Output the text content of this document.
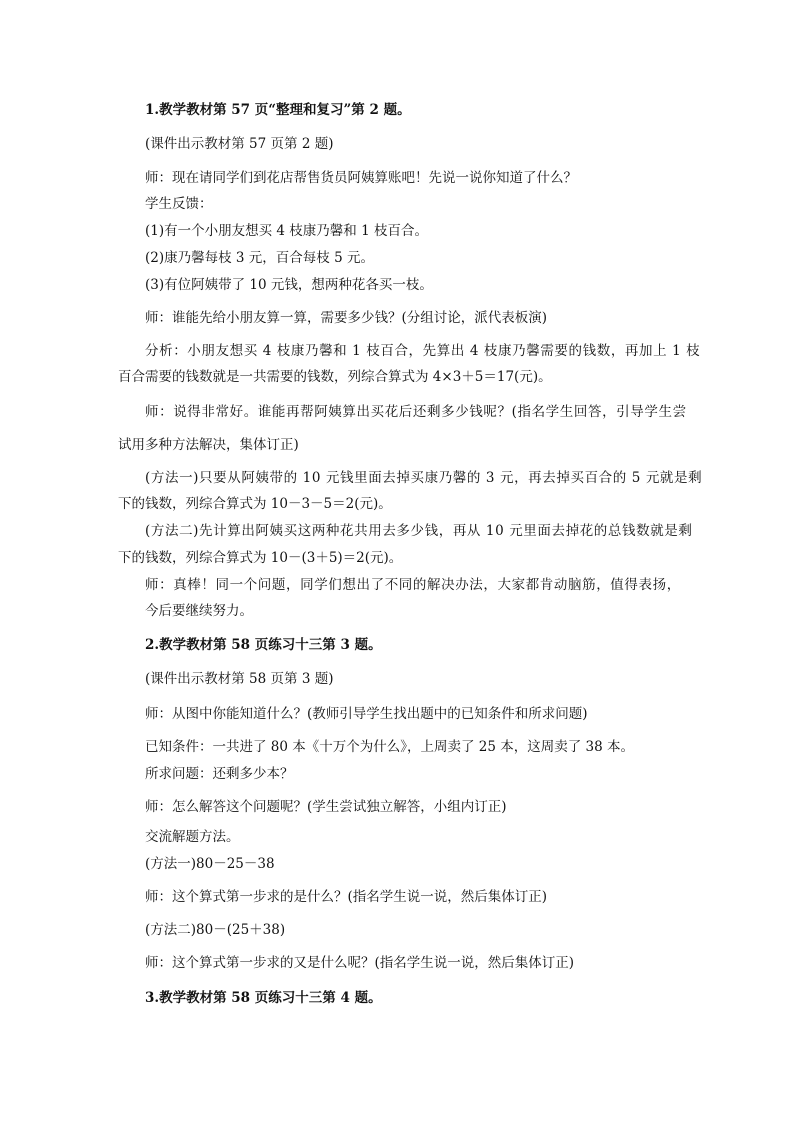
1.教学教材第 57 页“整理和复习”第 2 题。
(课件出示教材第 57 页第 2 题)
师：现在请同学们到花店帮售货员阿姨算账吧！先说一说你知道了什么？
学生反馈：
(1)有一个小朋友想买 4 枝康乃馨和 1 枝百合。
(2)康乃馨每枝 3 元，百合每枝 5 元。
(3)有位阿姨带了 10 元钱，想两种花各买一枝。
师：谁能先给小朋友算一算，需要多少钱？(分组讨论，派代表板演)
分析：小朋友想买 4 枝康乃馨和 1 枝百合，先算出 4 枝康乃馨需要的钱数，再加上 1 枝
百合需要的钱数就是一共需要的钱数，列综合算式为 4×3＋5＝17(元)。
师：说得非常好。谁能再帮阿姨算出买花后还剩多少钱呢？(指名学生回答，引导学生尝
试用多种方法解决，集体订正)
(方法一)只要从阿姨带的 10 元钱里面去掉买康乃馨的 3 元，再去掉买百合的 5 元就是剩
下的钱数，列综合算式为 10－3－5＝2(元)。
(方法二)先计算出阿姨买这两种花共用去多少钱，再从 10 元里面去掉花的总钱数就是剩
下的钱数，列综合算式为 10－(3＋5)＝2(元)。
师：真棒！同一个问题，同学们想出了不同的解决办法，大家都肯动脑筋，值得表扬，
今后要继续努力。
2.教学教材第 58 页练习十三第 3 题。
(课件出示教材第 58 页第 3 题)
师：从图中你能知道什么？(教师引导学生找出题中的已知条件和所求问题)
已知条件：一共进了 80 本《十万个为什么》，上周卖了 25 本，这周卖了 38 本。
所求问题：还剩多少本？
师：怎么解答这个问题呢？(学生尝试独立解答，小组内订正)
交流解题方法。
(方法一)80－25－38
师：这个算式第一步求的是什么？(指名学生说一说，然后集体订正)
(方法二)80－(25＋38)
师：这个算式第一步求的又是什么呢？(指名学生说一说，然后集体订正)
3.教学教材第 58 页练习十三第 4 题。
